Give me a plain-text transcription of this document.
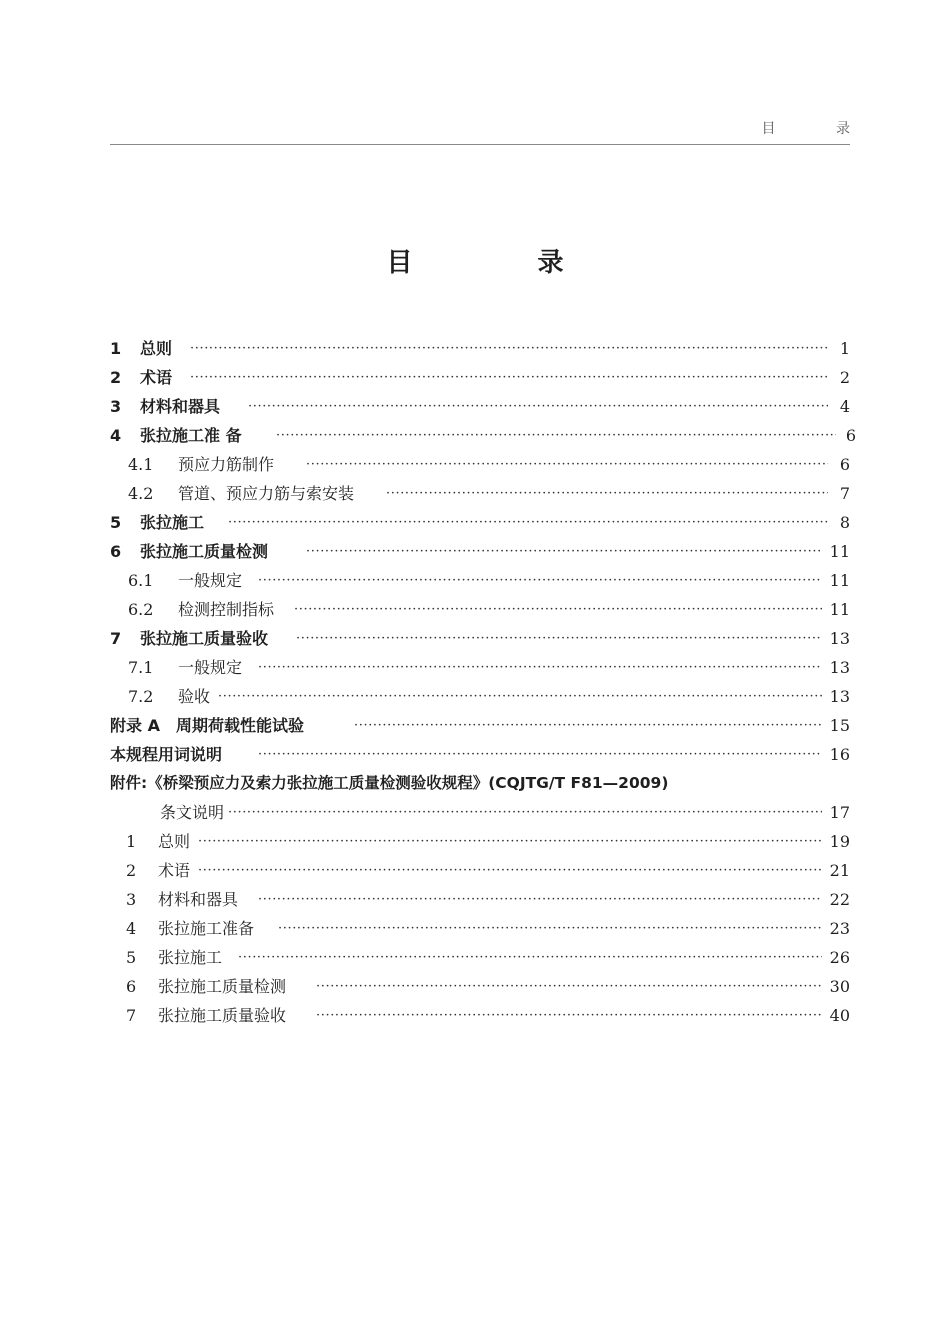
目 录
目 录
1	总则 ·····	1
2	术语 ·····	2
3	材料和器具 ·····	4
4	张拉施工准 备 ·····	6
4.1	预应力筋制作 ·····	6
4.2	管道、预应力筋与索安装 ·····	7
5	张拉施工 ·····	8
6	张拉施工质量检测 ·····	11
6.1	一般规定 ·····	11
6.2	检测控制指标 ·····	11
7	张拉施工质量验收 ·····	13
7.1	一般规定 ·····	13
7.2	验收 ·····	13
附录 A　周期荷载性能试验 ·····	15
本规程用词说明 ·····	16
附件:《桥梁预应力及索力张拉施工质量检测验收规程》(CQJTG/T F81—2009)
条文说明 ·····	17
1	总则 ·····	19
2	术语 ·····	21
3	材料和器具 ·····	22
4	张拉施工准备 ·····	23
5	张拉施工 ·····	26
6	张拉施工质量检测 ·····	30
7	张拉施工质量验收 ·····	40
